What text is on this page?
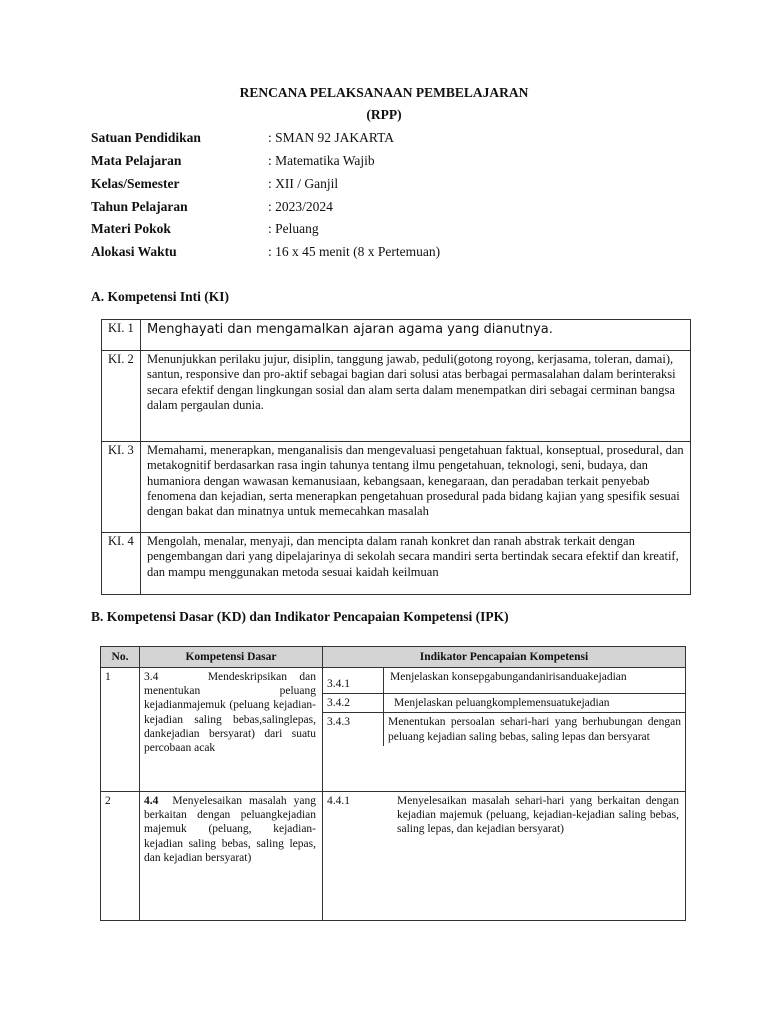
RENCANA PELAKSANAAN PEMBELAJARAN
(RPP)
Satuan Pendidikan	: SMAN 92 JAKARTA
Mata Pelajaran	: Matematika Wajib
Kelas/Semester	: XII / Ganjil
Tahun Pelajaran	: 2023/2024
Materi Pokok	: Peluang
Alokasi Waktu	: 16 x 45 menit (8 x Pertemuan)
A. Kompetensi Inti (KI)
KI. 1	Menghayati dan mengamalkan ajaran agama yang dianutnya.
KI. 2	Menunjukkan perilaku jujur, disiplin, tanggung jawab, peduli(gotong royong, kerjasama, toleran, damai), santun, responsive dan pro-aktif sebagai bagian dari solusi atas berbagai permasalahan dalam berinteraksi secara efektif dengan lingkungan sosial dan alam serta dalam menempatkan diri sebagai cerminan bangsa dalam pergaulan dunia.
KI. 3	Memahami, menerapkan, menganalisis dan mengevaluasi pengetahuan faktual, konseptual, prosedural, dan metakognitif berdasarkan rasa ingin tahunya tentang ilmu pengetahuan, teknologi, seni, budaya, dan humaniora dengan wawasan kemanusiaan, kebangsaan, kenegaraan, dan peradaban terkait penyebab fenomena dan kejadian, serta menerapkan pengetahuan prosedural pada bidang kajian yang spesifik sesuai dengan bakat dan minatnya untuk memecahkan masalah
KI. 4	Mengolah, menalar, menyaji, dan mencipta dalam ranah konkret dan ranah abstrak terkait dengan pengembangan dari yang dipelajarinya di sekolah secara mandiri serta bertindak secara efektif dan kreatif, dan mampu menggunakan metoda sesuai kaidah keilmuan
B. Kompetensi Dasar (KD) dan Indikator Pencapaian Kompetensi (IPK)
No.	Kompetensi Dasar	Indikator Pencapaian Kompetensi
1	3.4	Mendeskripsikan dan menentukan peluang kejadianmajemuk (peluang kejadian-kejadian saling bebas,salinglepas, dankejadian bersyarat) dari suatu percobaan acak

3.4.1	Menjelaskan konsepgabungandanirisanduakejadian
3.4.2	Menjelaskan peluangkomplemensuatukejadian
3.4.3	Menentukan persoalan sehari-hari yang berhubungan dengan peluang kejadian saling bebas, saling lepas dan bersyarat

2	4.4 Menyelesaikan masalah yang berkaitan dengan peluangkejadian majemuk (peluang, kejadian-kejadian saling bebas, saling lepas, dan kejadian bersyarat)

4.4.1	Menyelesaikan masalah sehari-hari yang berkaitan dengan kejadian majemuk (peluang, kejadian-kejadian saling bebas, saling lepas, dan kejadian bersyarat)
